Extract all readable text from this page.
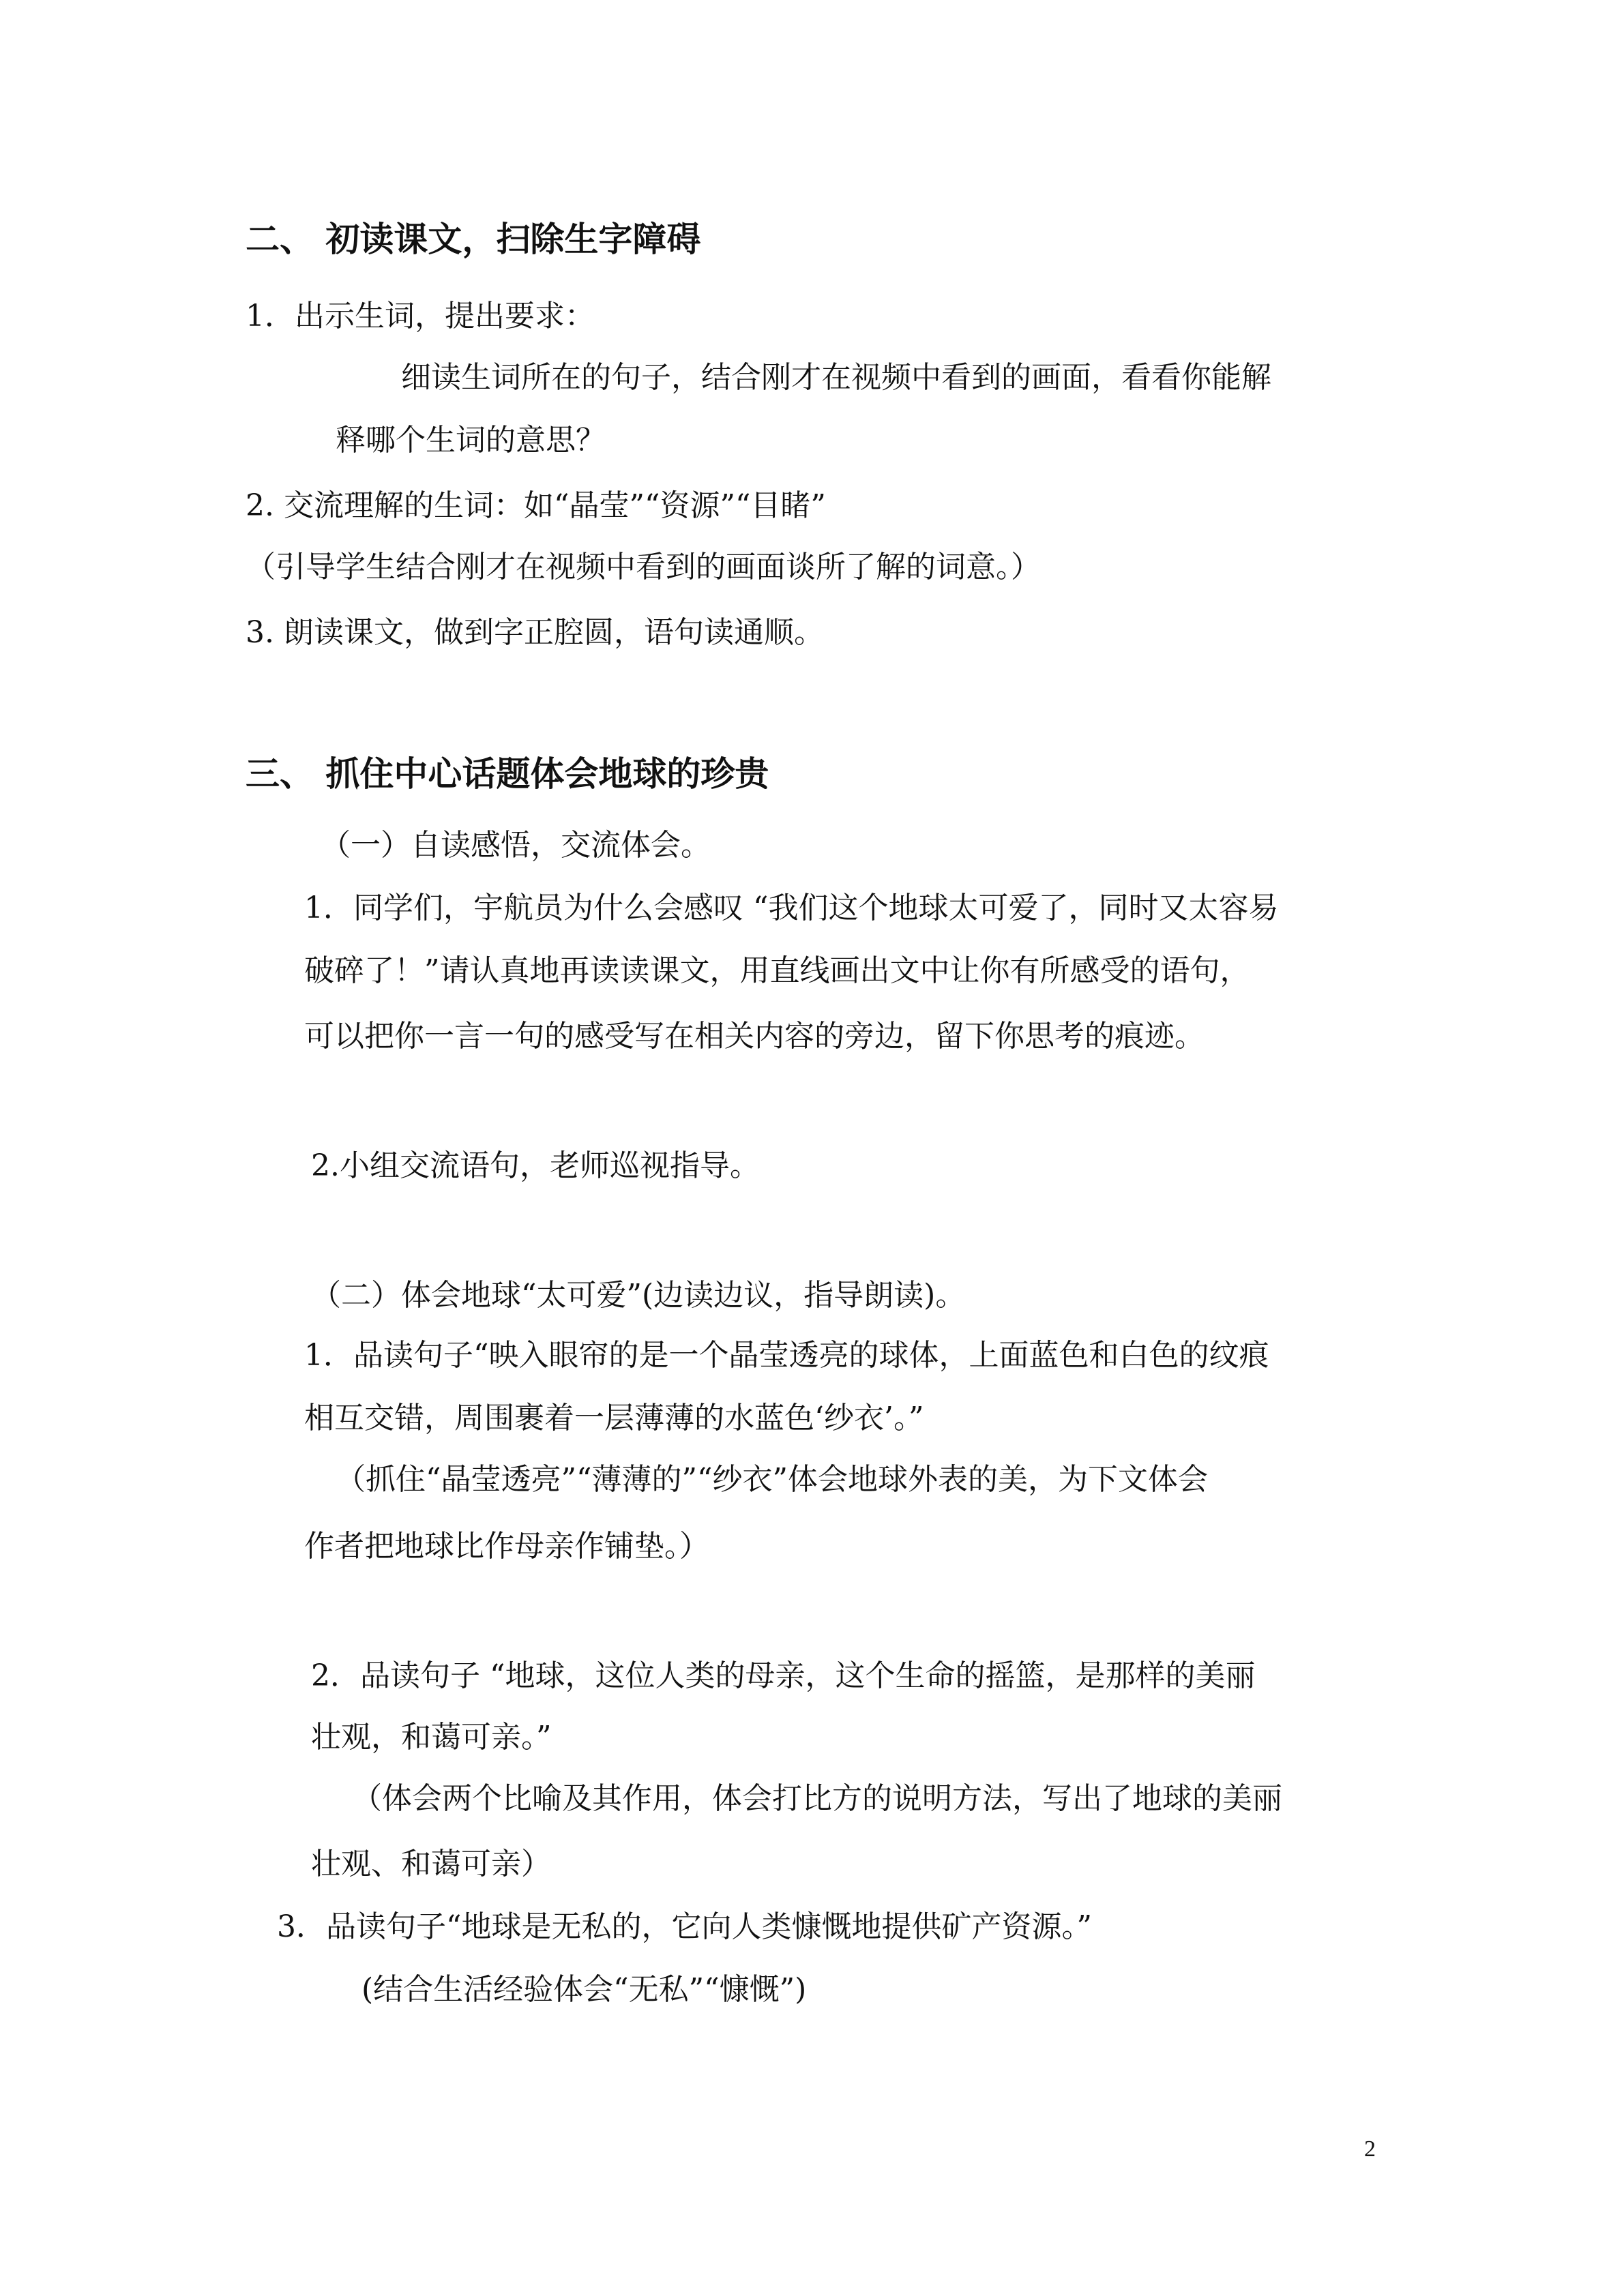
二、 初读课文，扫除生字障碍
1．出示生词，提出要求：
细读生词所在的句子，结合刚才在视频中看到的画面，看看你能解
释哪个生词的意思？
2. 交流理解的生词：如“晶莹”“资源”“目睹”
（引导学生结合刚才在视频中看到的画面谈所了解的词意。）
3. 朗读课文，做到字正腔圆，语句读通顺。
三、 抓住中心话题体会地球的珍贵
（一）自读感悟，交流体会。
1．同学们，宇航员为什么会感叹 “我们这个地球太可爱了，同时又太容易
破碎了！”请认真地再读读课文，用直线画出文中让你有所感受的语句，
可以把你一言一句的感受写在相关内容的旁边，留下你思考的痕迹。
2.小组交流语句，老师巡视指导。
（二）体会地球“太可爱”(边读边议，指导朗读)。
1．品读句子“映入眼帘的是一个晶莹透亮的球体，上面蓝色和白色的纹痕
相互交错，周围裹着一层薄薄的水蓝色‘纱衣’。”
（抓住“晶莹透亮”“薄薄的”“纱衣”体会地球外表的美，为下文体会
作者把地球比作母亲作铺垫。）
2．品读句子 “地球，这位人类的母亲，这个生命的摇篮，是那样的美丽
壮观，和蔼可亲。”
（体会两个比喻及其作用，体会打比方的说明方法，写出了地球的美丽
壮观、和蔼可亲）
3．品读句子“地球是无私的，它向人类慷慨地提供矿产资源。”
(结合生活经验体会“无私”“慷慨”)
2
